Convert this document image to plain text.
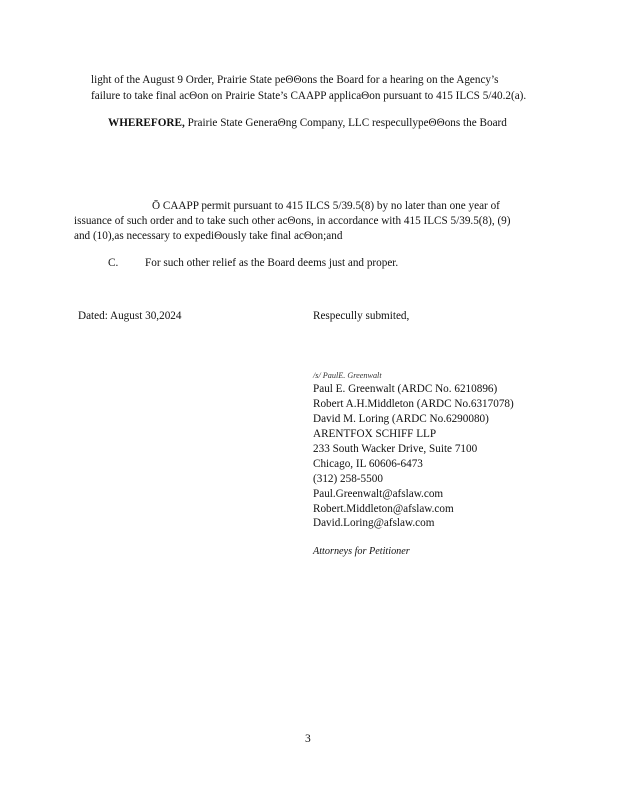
light of the August 9 Order, Prairie State peΘΘons the Board for a hearing on the Agency’s
failure to take final acΘon on Prairie State’s CAAPP applicaΘon pursuant to 415 ILCS 5/40.2(a).
WHEREFORE, Prairie State GeneraΘng Company, LLC respecullypeΘΘons the Board
Ō CAAPP permit pursuant to 415 ILCS 5/39.5(8) by no later than one year of
issuance of such order and to take such other acΘons, in accordance with 415 ILCS 5/39.5(8), (9)
and (10),as necessary to expediΘously take final acΘon;and
C. For such other relief as the Board deems just and proper.
Dated: August 30,2024	Respecully submited,
/s/ PaulE. Greenwalt
Paul E. Greenwalt (ARDC No. 6210896)
Robert A.H.Middleton (ARDC No.6317078)
David M. Loring (ARDC No.6290080)
ARENTFOX SCHIFF LLP
233 South Wacker Drive, Suite 7100
Chicago, IL 60606-6473
(312) 258-5500
Paul.Greenwalt@afslaw.com
Robert.Middleton@afslaw.com
David.Loring@afslaw.com
Attorneys for Petitioner
3
